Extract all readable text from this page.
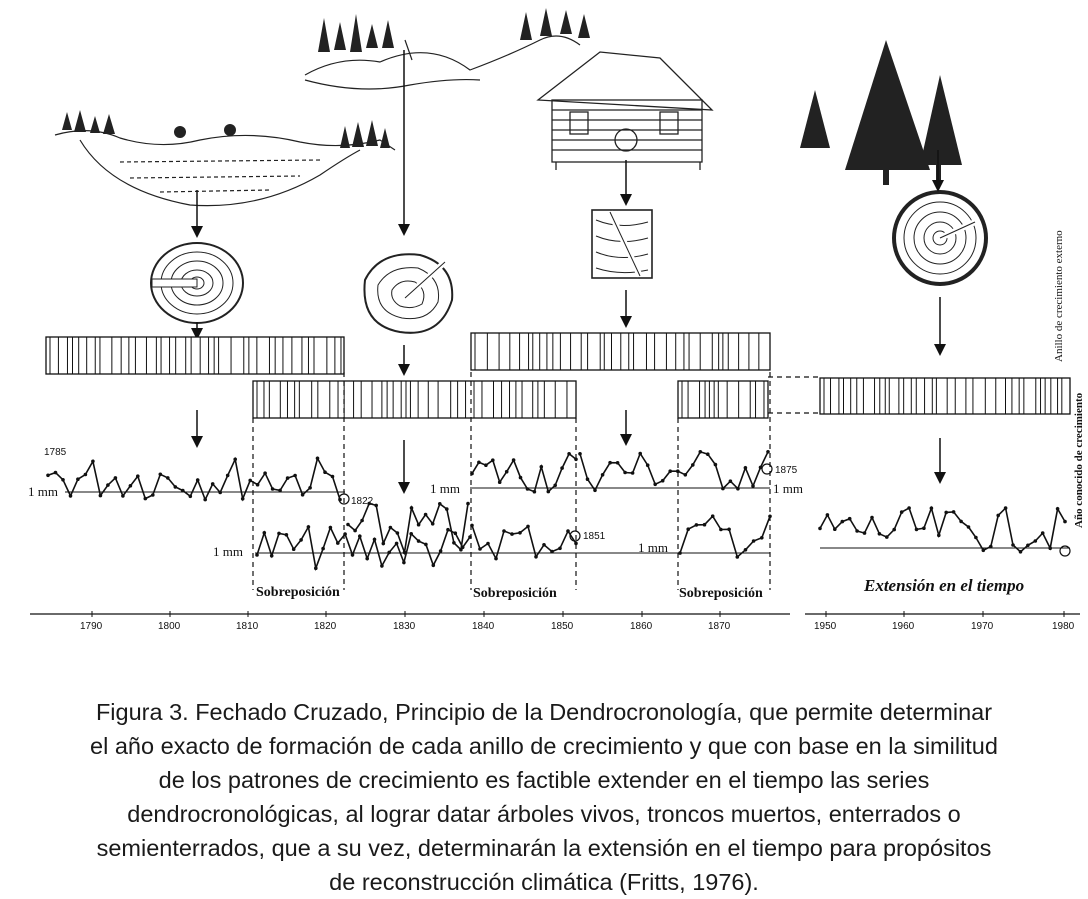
1 mm
1 mm
1 mm
1 mm
1 mm
1785
1822
1851
1875
Sobreposición	Sobreposición	Sobreposición	Extensión en el tiempo
Anillo de crecimiento externo
Año conocido de crecimiento
1790	1800	1810	1820	1830	1840	1850	1860	1870	1950	1960	1970	1980
Figura 3. Fechado Cruzado, Principio de la Dendrocronología, que permite determinar
el año exacto de formación de cada anillo de crecimiento y que con base en la similitud
de los patrones de crecimiento es factible extender en el tiempo las series
dendrocronológicas, al lograr datar árboles vivos, troncos muertos, enterrados o
semienterrados, que a su vez, determinarán la extensión en el tiempo para propósitos
de reconstrucción climática (Fritts, 1976).
